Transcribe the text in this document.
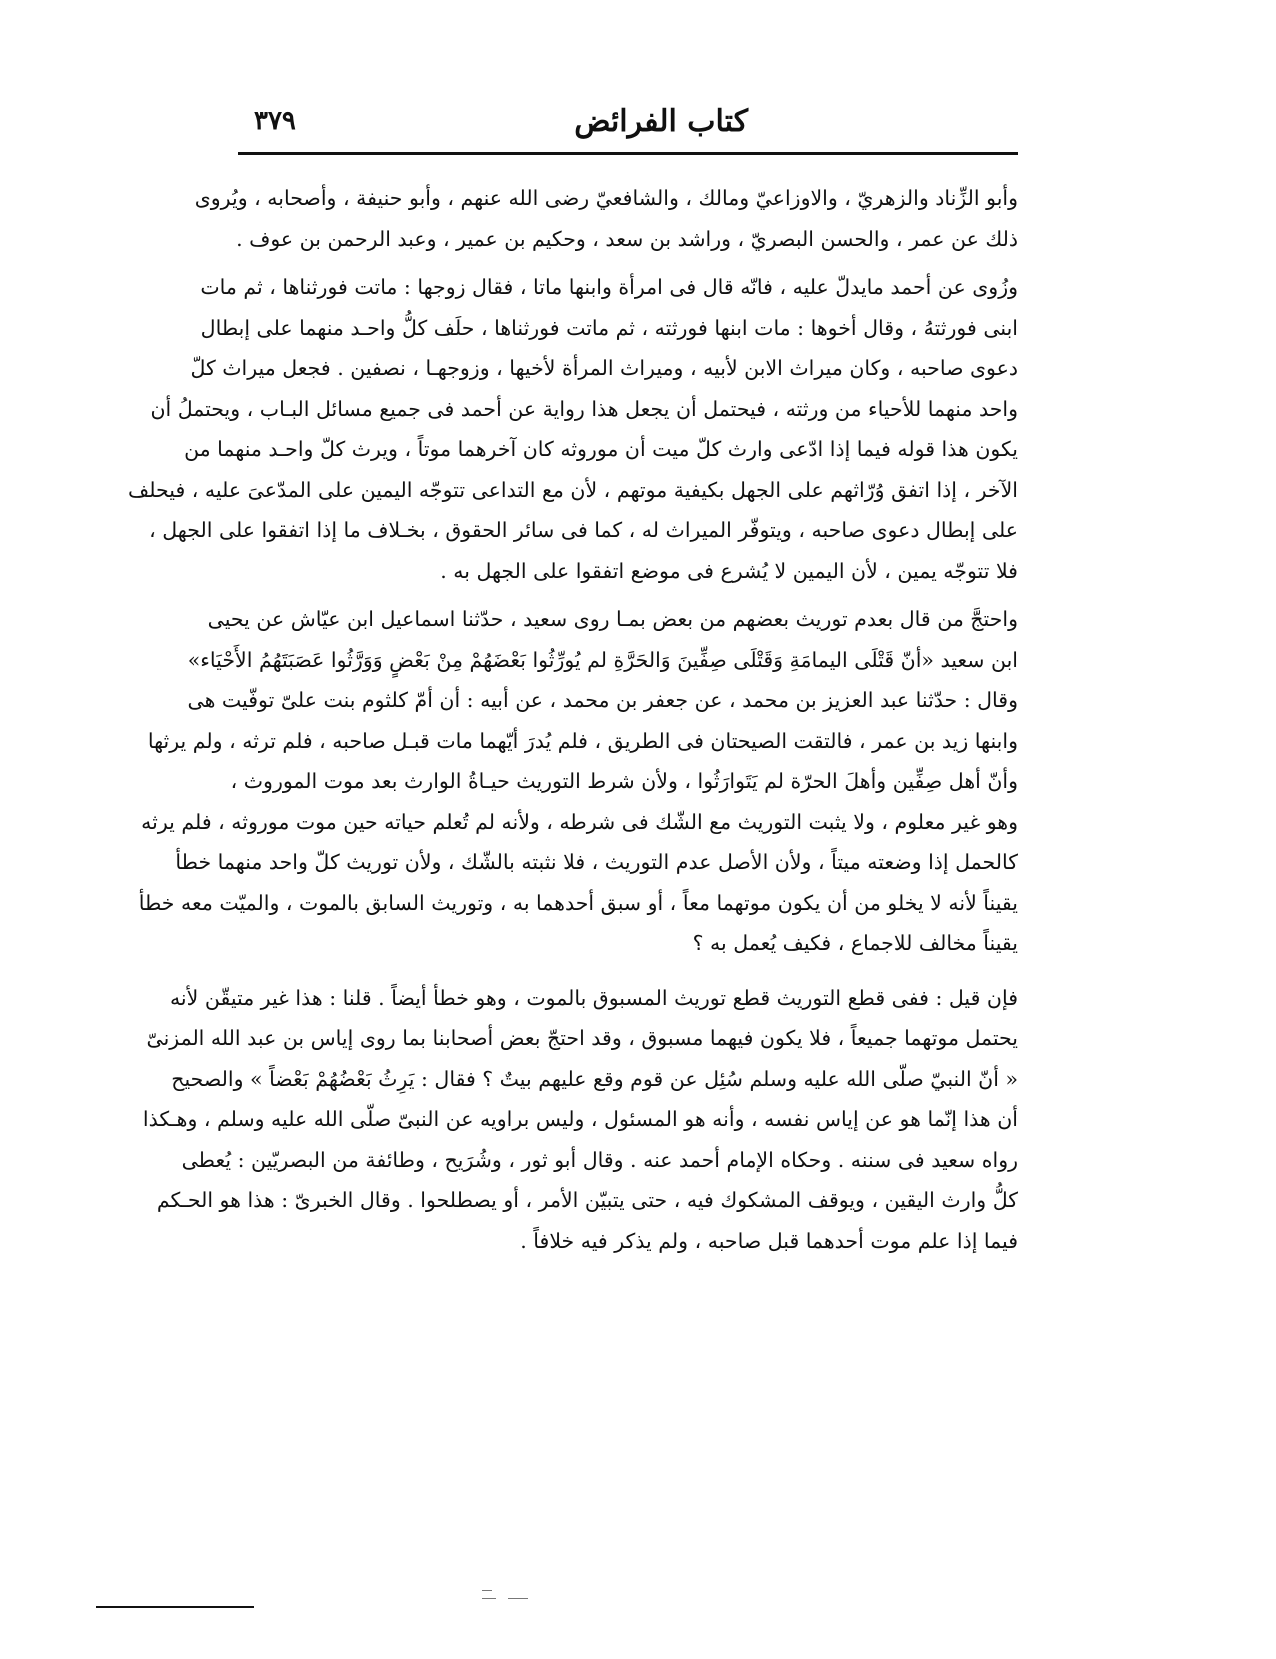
كتاب الفرائض
٣٧٩
وأبو الزِّناد والزهريّ ، والاوزاعيّ ومالك ، والشافعيّ رضى الله عنهم ، وأبو حنيفة ، وأصحابه ، ويُروى
ذلك عن عمر ، والحسن البصريّ ، وراشد بن سعد ، وحكيم بن عمير ، وعبد الرحمن بن عوف .
وزُوى عن أحمد مايدلّ عليه ، فانّه قال فى امرأة وابنها ماتا ، فقال زوجها : ماتت فورثناها ، ثم مات
ابنى فورثتهُ ، وقال أخوها : مات ابنها فورثته ، ثم ماتت فورثناها ، حلَف كلُّ واحـد منهما على إبطال
دعوى صاحبه ، وكان ميراث الابن لأبيه ، وميراث المرأة لأخيها ، وزوجهـا ، نصفين . فجعل ميراث كلّ
واحد منهما للأحياء من ورثته ، فيحتمل أن يجعل هذا رواية عن أحمد فى جميع مسائل البـاب ، ويحتملُ أن
يكون هذا قوله فيما إذا ادّعى وارث كلّ ميت أن موروثه كان آخرهما موتاً ، ويرث كلّ واحـد منهما من
الآخر ، إذا اتفق وُرّاثهم على الجهل بكيفية موتهم ، لأن مع التداعى تتوجّه اليمين على المدّعىَ عليه ، فيحلف
على إبطال دعوى صاحبه ، ويتوفّر الميراث له ، كما فى سائر الحقوق ، بخـلاف ما إذا اتفقوا على الجهل ،
فلا تتوجّه يمين ، لأن اليمين لا يُشرع فى موضع اتفقوا على الجهل به .
واحتجَّ من قال بعدم توريث بعضهم من بعض بمـا روى سعيد ، حدّثنا اسماعيل ابن عيّاش عن يحيى
ابن سعيد «أنّ قَتْلَى اليمامَةِ وَقَتْلَى صِفِّينَ وَالحَرَّةِ لم يُورِّثُوا بَعْضَهُمْ مِنْ بَعْضٍ وَوَرَّثُوا عَصَبَتَهُمُ الأَحْيَاء»
وقال : حدّثنا عبد العزيز بن محمد ، عن جعفر بن محمد ، عن أبيه : أن أمّ كلثوم بنت علىّ توفّيت هى
وابنها زيد بن عمر ، فالتقت الصيحتان فى الطريق ، فلم يُدرَ أيّهما مات قبـل صاحبه ، فلم ترثه ، ولم يرثها
وأنّ أهل صِفِّين وأهلَ الحرّة لم يَتَوارَثُوا ، ولأن شرط التوريث حيـاةُ الوارث بعد موت الموروث ،
وهو غير معلوم ، ولا يثبت التوريث مع الشّك فى شرطه ، ولأنه لم تُعلم حياته حين موت موروثه ، فلم يرثه
كالحمل إذا وضعته ميتاً ، ولأن الأصل عدم التوريث ، فلا نثبته بالشّك ، ولأن توريث كلّ واحد منهما خطأ
يقيناً لأنه لا يخلو من أن يكون موتهما معاً ، أو سبق أحدهما به ، وتوريث السابق بالموت ، والميّت معه خطأ
يقيناً مخالف للاجماع ، فكيف يُعمل به ؟
فإن قيل : ففى قطع التوريث قطع توريث المسبوق بالموت ، وهو خطأ أيضاً . قلنا : هذا غير متيقّن لأنه
يحتمل موتهما جميعاً ، فلا يكون فيهما مسبوق ، وقد احتجّ بعض أصحابنا بما روى إياس بن عبد الله المزنىّ
« أنّ النبيّ صلّى الله عليه وسلم سُئِل عن قوم وقع عليهم بيتٌ ؟ فقال : يَرِثُ بَعْضُهُمْ بَعْضاً » والصحيح
أن هذا إنّما هو عن إياس نفسه ، وأنه هو المسئول ، وليس براويه عن النبىّ صلّى الله عليه وسلم ، وهـكذا
رواه سعيد فى سننه . وحكاه الإمام أحمد عنه . وقال أبو ثور ، وشُرَيح ، وطائفة من البصريّين : يُعطى
كلُّ وارث اليقين ، ويوقف المشكوك فيه ، حتى يتبيّن الأمر ، أو يصطلحوا . وقال الخبرىّ : هذا هو الحـكم
فيما إذا علم موت أحدهما قبل صاحبه ، ولم يذكر فيه خلافاً .
